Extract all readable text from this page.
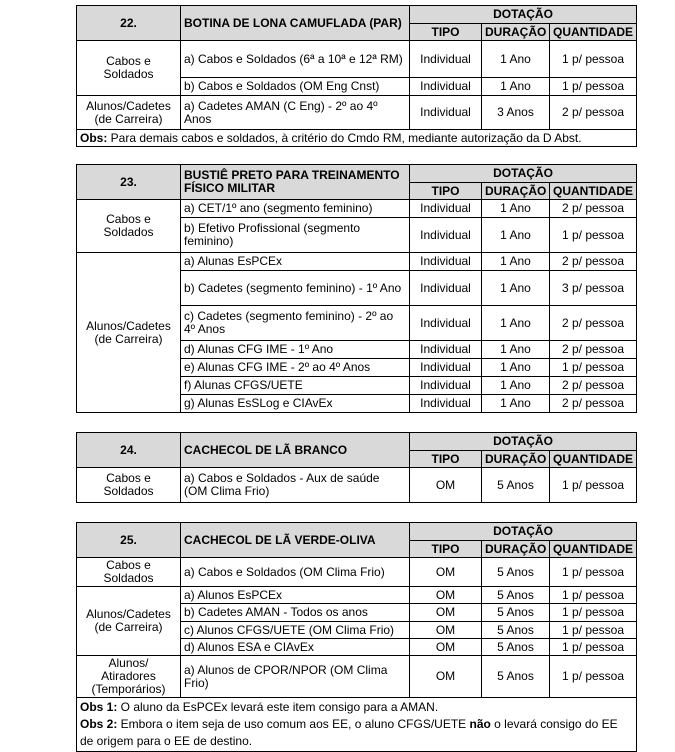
22.	BOTINA DE LONA CAMUFLADA (PAR)	DOTAÇÃO		
		TIPO	DURAÇÃO	QUANTIDADE
Cabos e Soldados	a) Cabos e Soldados (6ª a 10ª e 12ª RM)	Individual	1 Ano	1 p/ pessoa
	b) Cabos e Soldados (OM Eng Cnst)	Individual	1 Ano	1 p/ pessoa
Alunos/Cadetes (de Carreira)	a) Cadetes AMAN (C Eng) - 2º ao 4º Anos	Individual	3 Anos	2 p/ pessoa
Obs: Para demais cabos e soldados, à critério do Cmdo RM, mediante autorização da D Abst.				
23.	BUSTIÊ PRETO PARA TREINAMENTO FÍSICO MILITAR	DOTAÇÃO		
		TIPO	DURAÇÃO	QUANTIDADE
Cabos e Soldados	a) CET/1º ano (segmento feminino)	Individual	1 Ano	2 p/ pessoa
	b) Efetivo Profissional (segmento feminino)	Individual	1 Ano	1 p/ pessoa
Alunos/Cadetes (de Carreira)	a) Alunas EsPCEx	Individual	1 Ano	2 p/ pessoa
	b) Cadetes (segmento feminino) - 1º Ano	Individual	1 Ano	3 p/ pessoa
	c) Cadetes (segmento feminino) - 2º ao 4º Anos	Individual	1 Ano	2 p/ pessoa
	d) Alunas CFG IME - 1º Ano	Individual	1 Ano	2 p/ pessoa
	e) Alunas CFG IME - 2º ao 4º Anos	Individual	1 Ano	1 p/ pessoa
	f) Alunas CFGS/UETE	Individual	1 Ano	2 p/ pessoa
	g) Alunas EsSLog e CIAvEx	Individual	1 Ano	2 p/ pessoa
24.	CACHECOL DE LÃ BRANCO	DOTAÇÃO		
		TIPO	DURAÇÃO	QUANTIDADE
Cabos e Soldados	a) Cabos e Soldados - Aux de saúde (OM Clima Frio)	OM	5 Anos	1 p/ pessoa
25.	CACHECOL DE LÃ VERDE-OLIVA	DOTAÇÃO		
		TIPO	DURAÇÃO	QUANTIDADE
Cabos e Soldados	a) Cabos e Soldados (OM Clima Frio)	OM	5 Anos	1 p/ pessoa
Alunos/Cadetes (de Carreira)	a) Alunos EsPCEx	OM	5 Anos	1 p/ pessoa
	b) Cadetes AMAN - Todos os anos	OM	5 Anos	1 p/ pessoa
	c) Alunos CFGS/UETE (OM Clima Frio)	OM	5 Anos	1 p/ pessoa
	d) Alunos ESA e CIAvEx	OM	5 Anos	1 p/ pessoa
Alunos/ Atiradores (Temporários)	a) Alunos de CPOR/NPOR (OM Clima Frio)	OM	5 Anos	1 p/ pessoa

Obs 1: O aluno da EsPCEx levará este item consigo para a AMAN.
Obs 2: Embora o item seja de uso comum aos EE, o aluno CFGS/UETE não o levará consigo do EE de origem para o EE de destino.				
